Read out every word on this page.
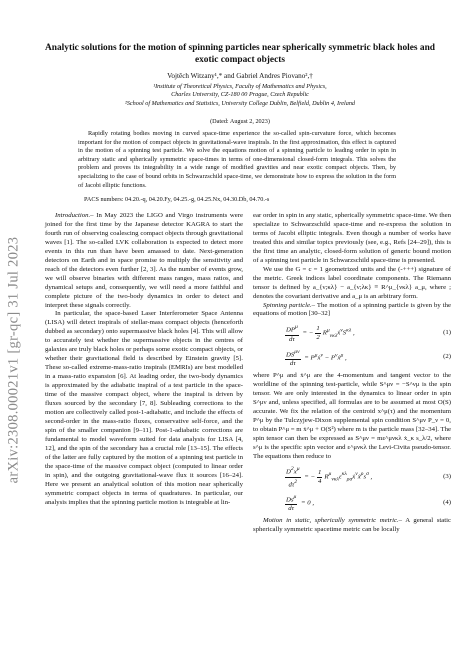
arXiv:2308.00021v1 [gr-qc] 31 Jul 2023
Analytic solutions for the motion of spinning particles near spherically symmetric black holes and exotic compact objects
Vojtěch Witzany¹,* and Gabriel Andres Piovano²,†
¹Institute of Theoretical Physics, Faculty of Mathematics and Physics,
Charles University, CZ-180 00 Prague, Czech Republic
²School of Mathematics and Statistics, University College Dublin, Belfield, Dublin 4, Ireland
(Dated: August 2, 2023)
Rapidly rotating bodies moving in curved space-time experience the so-called spin-curvature force, which becomes important for the motion of compact objects in gravitational-wave inspirals. In the first approximation, this effect is captured in the motion of a spinning test particle. We solve the equations motion of a spinning particle to leading order in spin in arbitrary static and spherically symmetric space-times in terms of one-dimensional closed-form integrals. This solves the problem and proves its integrability in a wide range of modified gravities and near exotic compact objects. Then, by specializing to the case of bound orbits in Schwarzschild space-time, we demonstrate how to express the solution in the form of Jacobi elliptic functions.
PACS numbers: 04.20.-q, 04.20.Fy, 04.25.-g, 04.25.Nx, 04.30.Db, 04.70.-s

Introduction.– In May 2023 the LIGO and Virgo instruments were joined for the first time by the Japanese detector KAGRA to start the fourth run of observing coalescing compact objects through gravitational waves [1]. The so-called LVK collaboration is expected to detect more events in this run than have been amassed to date. Next-generation detectors on Earth and in space promise to multiply the sensitivity and reach of the detectors even further [2, 3]. As the number of events grow, we will observe binaries with different mass ranges, mass ratios, and dynamical setups and, consequently, we will need a more faithful and complete picture of the two-body dynamics in order to detect and interpret these signals correctly.

In particular, the space-based Laser Interferometer Space Antenna (LISA) will detect inspirals of stellar-mass compact objects (henceforth dubbed as secondary) onto supermassive black holes [4]. This will allow to accurately test whether the supermassive objects in the centres of galaxies are truly black holes or perhaps some exotic compact objects, or whether their gravitational field is described by Einstein gravity [5]. These so-called extreme-mass-ratio inspirals (EMRIs) are best modelled in a mass-ratio expansion [6]. At leading order, the two-body dynamics is approximated by the adiabatic inspiral of a test particle in the space-time of the massive compact object, where the inspiral is driven by fluxes sourced by the secondary [7, 8]. Subleading corrections to the motion are collectively called post-1-adiabatic, and include the effects of second-order in the mass-ratio fluxes, conservative self-force, and the spin of the smaller companion [9–11]. Post-1-adiabatic corrections are fundamental to model waveform suited for data analysis for LISA [4, 12], and the spin of the secondary has a crucial role [13–15]. The effects of the latter are fully captured by the motion of a spinning test particle in the space-time of the massive compact object (computed to linear order in spin), and the outgoing gravitational-wave flux it sources [16–24]. Here we present an analytical solution of this motion near spherically symmetric compact objects in terms of quadratures. In particular, our analysis implies that the spinning particle motion is integrable at lin-

ear order in spin in any static, spherically symmetric space-time. We then specialize to Schwarzschild space-time and re-express the solution in terms of Jacobi elliptic integrals. Even though a number of works have treated this and similar topics previously (see, e.g., Refs [24–29]), this is the first time an analytic, closed-form solution of generic bound motion of a spinning test particle in Schwarzschild space-time is presented.

We use the G = c = 1 geometrized units and the (-+++) signature of the metric. Greek indices label coordinate components. The Riemann tensor is defined by a_{ν;κλ} − a_{ν;λκ} ≡ R^μ_{νκλ} a_μ, where ; denotes the covariant derivative and a_μ is an arbitrary form.

Spinning particle.– The motion of a spinning particle is given by the equations of motion [30–32]

$\frac{DP^\mu}{d\tau}$ = − $\frac{1}{2}$ $R^\mu_{\nu\kappa\lambda}ẋ^\nu S^{\kappa\lambda}$ ,	(1)
$\frac{DS^{\mu\nu}}{d\tau}$ = $P^\mu ẋ^\nu$ − $P^\nu ẋ^\mu$ ,	(2)

where P^μ and ẋ^μ are the 4-momentum and tangent vector to the worldline of the spinning test-particle, while S^μν = −S^νμ is the spin tensor. We are only interested in the dynamics to linear order in spin S^μν and, unless specified, all formulas are to be assumed at most O(S) accurate. We fix the relation of the centroid x^μ(τ) and the momentum P^μ by the Tulczyjew-Dixon supplemental spin condition S^μν P_ν = 0, to obtain P^μ = m ẋ^μ + O(S²) where m is the particle mass [32–34]. The spin tensor can then be expressed as S^μν = mε^μνκλ ẋ_κ s_λ/2, where s^μ is the specific spin vector and ε^μνκλ the Levi-Civita pseudo-tensor. The equations then reduce to

$\frac{D^2x^\mu}{d\tau^2}$ = − $\frac{1}{4}$ $R^\mu_{\nu\kappa\lambda}\varepsilon^{\kappa\lambda}_{\rho\sigma}ẋ^\nu ẋ^\rho s^\sigma$ ,	(3)
$\frac{Ds^\mu}{d\tau} = 0$ ,	(4)

Motion in static, spherically symmetric metric.– A general static spherically symmetric spacetime metric can be locally
